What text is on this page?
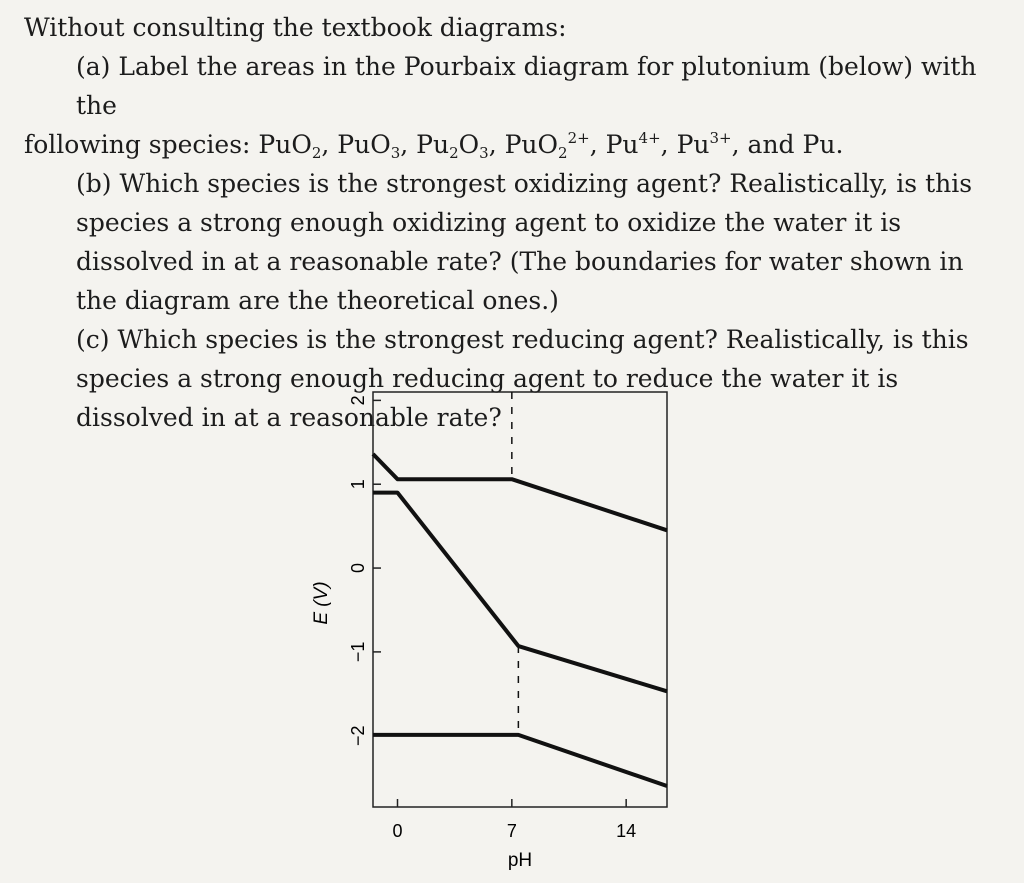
Without consulting the textbook diagrams:

(a) Label the areas in the Pourbaix diagram for plutonium (below) with the

following species: PuO$_2$, PuO$_3$, $Pu_2O_3$, PuO$_2^{2+}$, $Pu^{4+}$, $Pu^{3+}$, and Pu.

(b) Which species is the strongest oxidizing agent? Realistically, is this species a strong enough oxidizing agent to oxidize the water it is dissolved in at a reasonable rate? (The boundaries for water shown in the diagram are the theoretical ones.)

(c) Which species is the strongest reducing agent? Realistically, is this species a strong enough reducing agent to reduce the water it is dissolved in at a reasonable rate?

2
1
0
−1
−2
0	7	14
E (V)
pH
